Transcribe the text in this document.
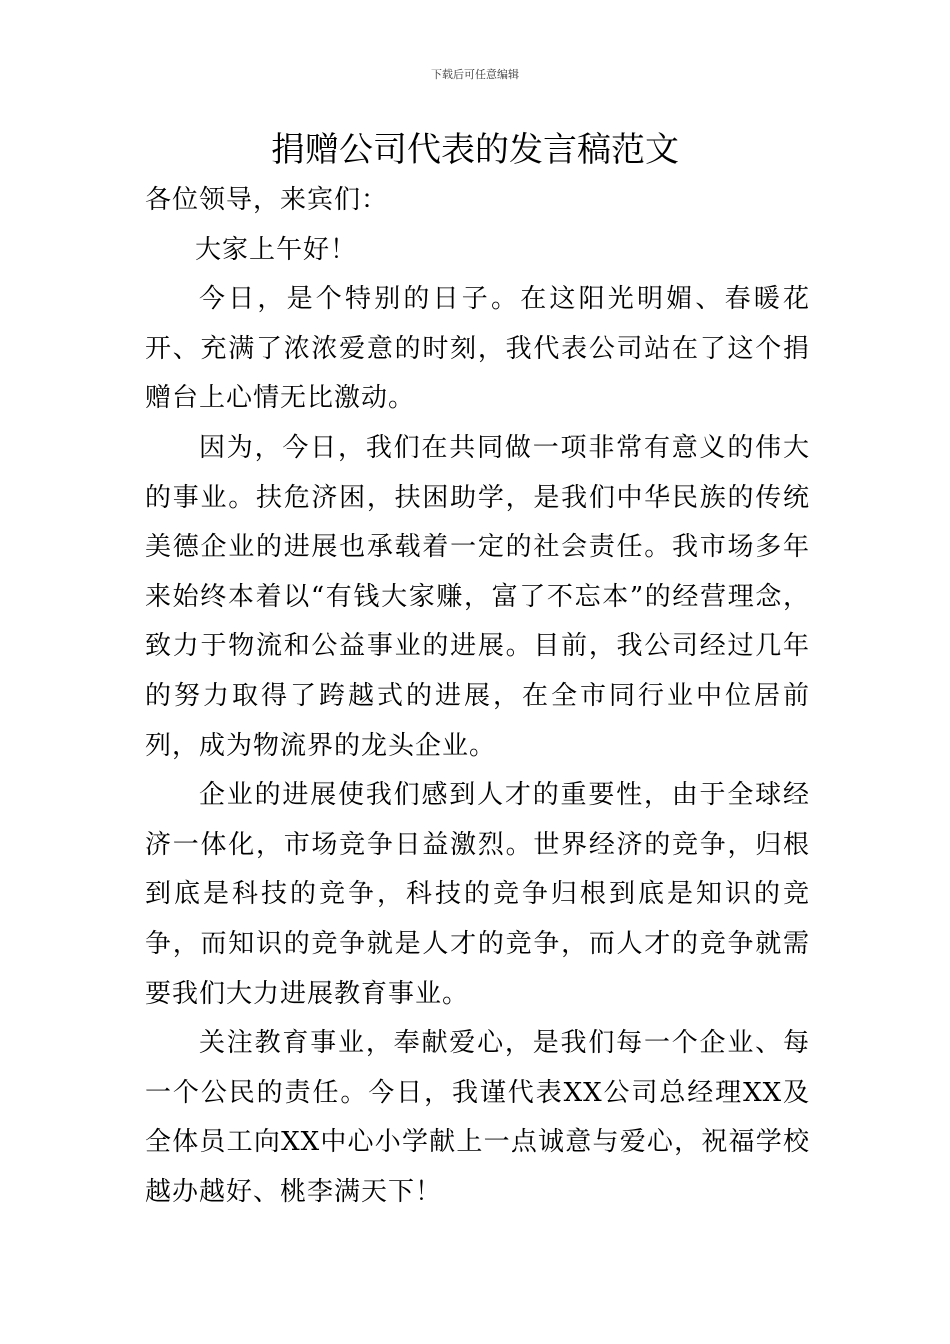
下载后可任意编辑
捐赠公司代表的发言稿范文

各位领导，来宾们：

大家上午好！

今日，是个特别的日子。在这阳光明媚、春暖花开、充满了浓浓爱意的时刻，我代表公司站在了这个捐赠台上心情无比激动。

因为，今日，我们在共同做一项非常有意义的伟大的事业。扶危济困，扶困助学，是我们中华民族的传统美德企业的进展也承载着一定的社会责任。我市场多年来始终本着以“有钱大家赚，富了不忘本”的经营理念，致力于物流和公益事业的进展。目前，我公司经过几年的努力取得了跨越式的进展，在全市同行业中位居前列，成为物流界的龙头企业。

企业的进展使我们感到人才的重要性，由于全球经济一体化，市场竞争日益激烈。世界经济的竞争，归根到底是科技的竞争，科技的竞争归根到底是知识的竞争，而知识的竞争就是人才的竞争，而人才的竞争就需要我们大力进展教育事业。

关注教育事业，奉献爱心，是我们每一个企业、每一个公民的责任。今日，我谨代表XX公司总经理XX及全体员工向XX中心小学献上一点诚意与爱心，祝福学校越办越好、桃李满天下！
